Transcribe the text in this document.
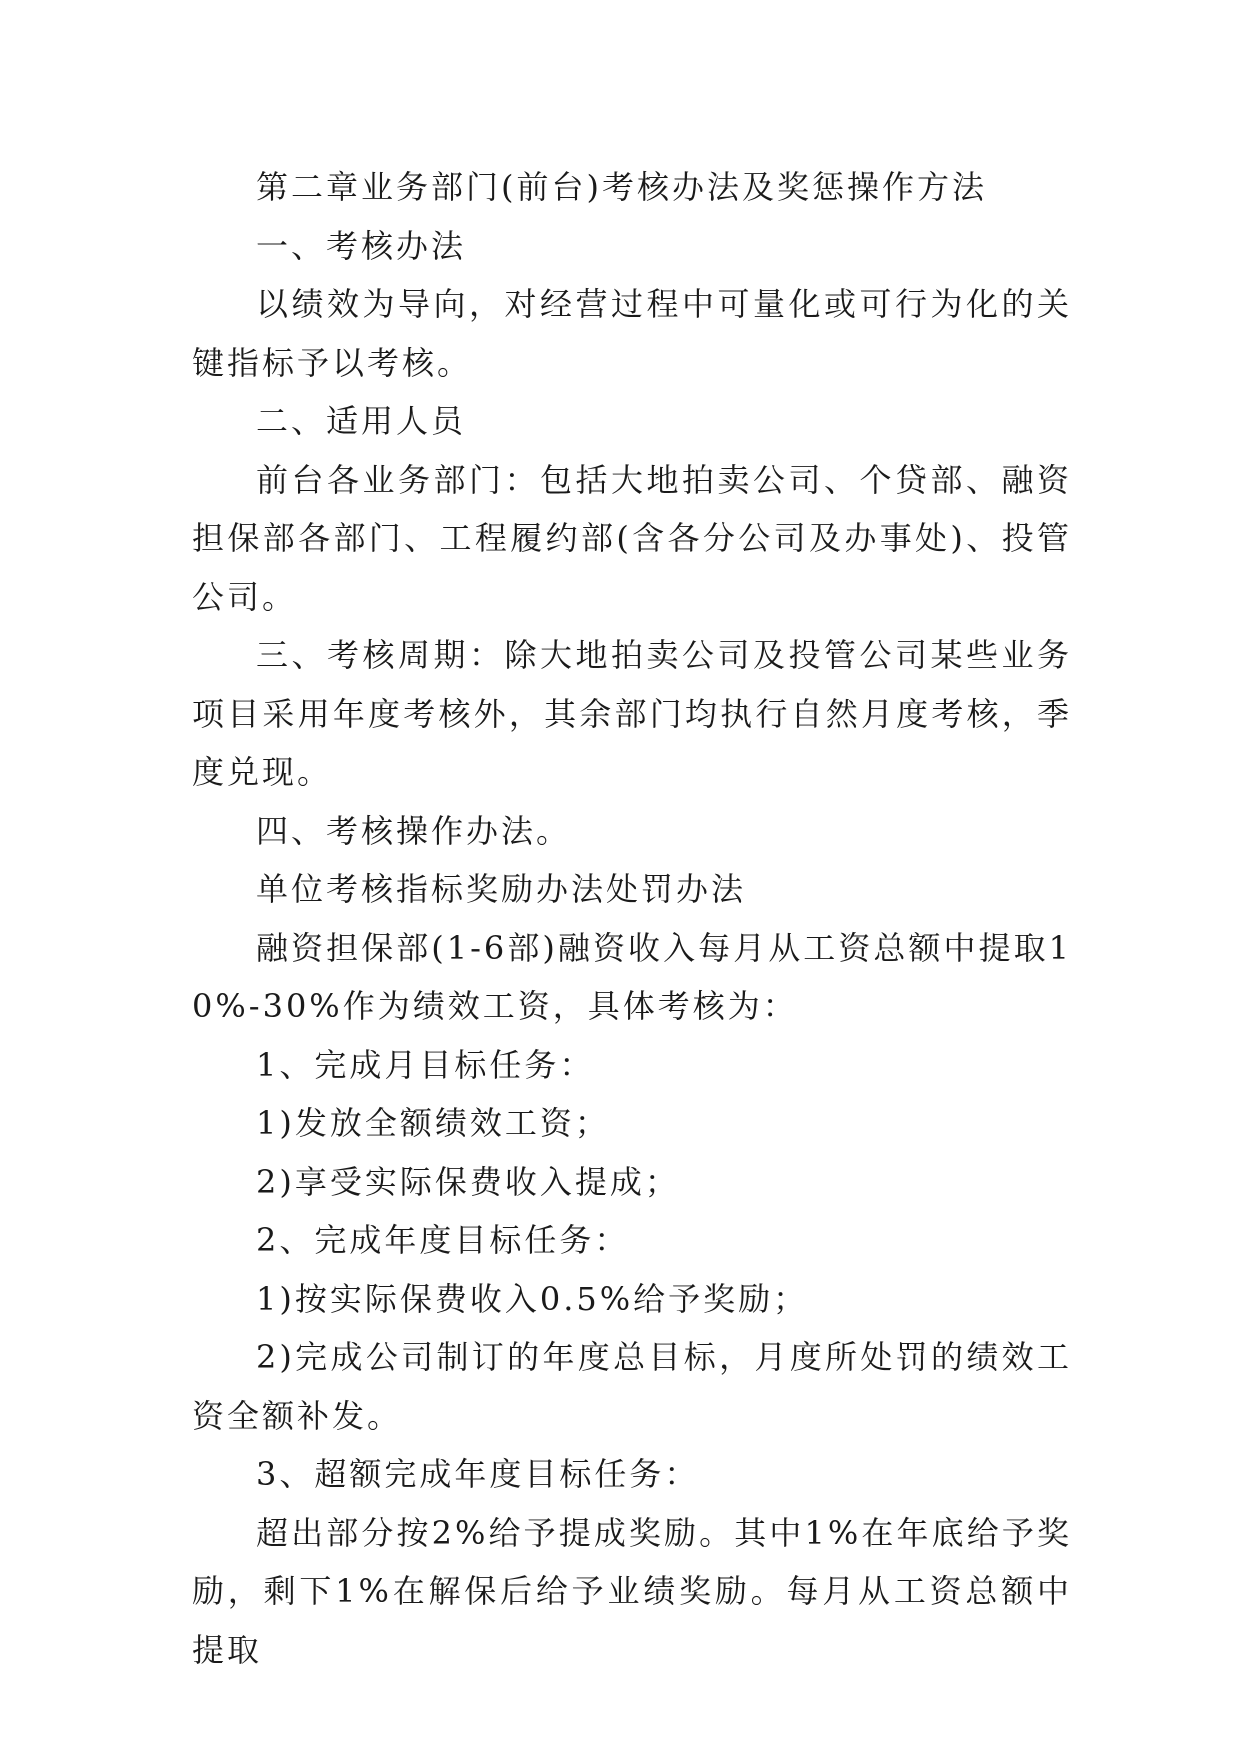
第二章业务部门(前台)考核办法及奖惩操作方法

一、考核办法

以绩效为导向，对经营过程中可量化或可行为化的关键指标予以考核。

二、适用人员

前台各业务部门：包括大地拍卖公司、个贷部、融资担保部各部门、工程履约部(含各分公司及办事处)、投管公司。

三、考核周期：除大地拍卖公司及投管公司某些业务项目采用年度考核外，其余部门均执行自然月度考核，季度兑现。

四、考核操作办法。

单位考核指标奖励办法处罚办法

融资担保部(1-6部)融资收入每月从工资总额中提取10%-30%作为绩效工资，具体考核为：

1、完成月目标任务：

1)发放全额绩效工资；

2)享受实际保费收入提成；

2、完成年度目标任务：

1)按实际保费收入0.5%给予奖励；

2)完成公司制订的年度总目标，月度所处罚的绩效工资全额补发。

3、超额完成年度目标任务：

超出部分按2%给予提成奖励。其中1%在年底给予奖励，剩下1%在解保后给予业绩奖励。每月从工资总额中提取
